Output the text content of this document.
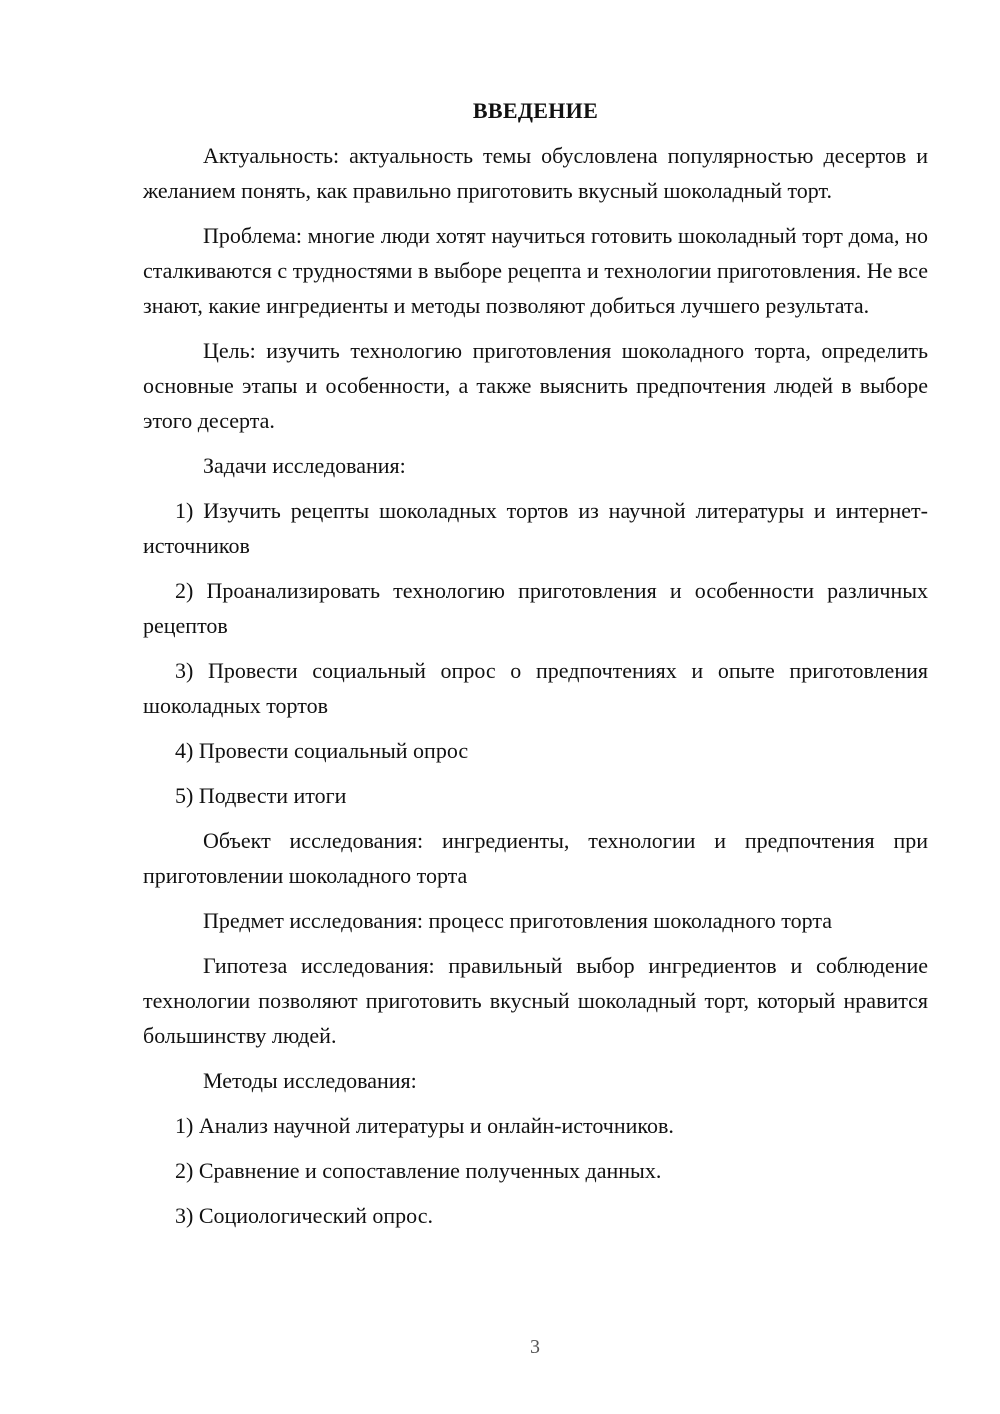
ВВЕДЕНИЕ

Актуальность: актуальность темы обусловлена популярностью десертов и желанием понять, как правильно приготовить вкусный шоколадный торт.

Проблема: многие люди хотят научиться готовить шоколадный торт дома, но сталкиваются с трудностями в выборе рецепта и технологии приготовления. Не все знают, какие ингредиенты и методы позволяют добиться лучшего результата.

Цель: изучить технологию приготовления шоколадного торта, определить основные этапы и особенности, а также выяснить предпочтения людей в выборе этого десерта.

Задачи исследования:

1) Изучить рецепты шоколадных тортов из научной литературы и интернет-источников

2) Проанализировать технологию приготовления и особенности различных рецептов

3) Провести социальный опрос о предпочтениях и опыте приготовления шоколадных тортов

4) Провести социальный опрос

5) Подвести итоги

Объект исследования: ингредиенты, технологии и предпочтения при приготовлении шоколадного торта

Предмет исследования: процесс приготовления шоколадного торта

Гипотеза исследования: правильный выбор ингредиентов и соблюдение технологии позволяют приготовить вкусный шоколадный торт, который нравится большинству людей.

Методы исследования:

1) Анализ научной литературы и онлайн-источников.

2) Сравнение и сопоставление полученных данных.

3) Социологический опрос.

3
